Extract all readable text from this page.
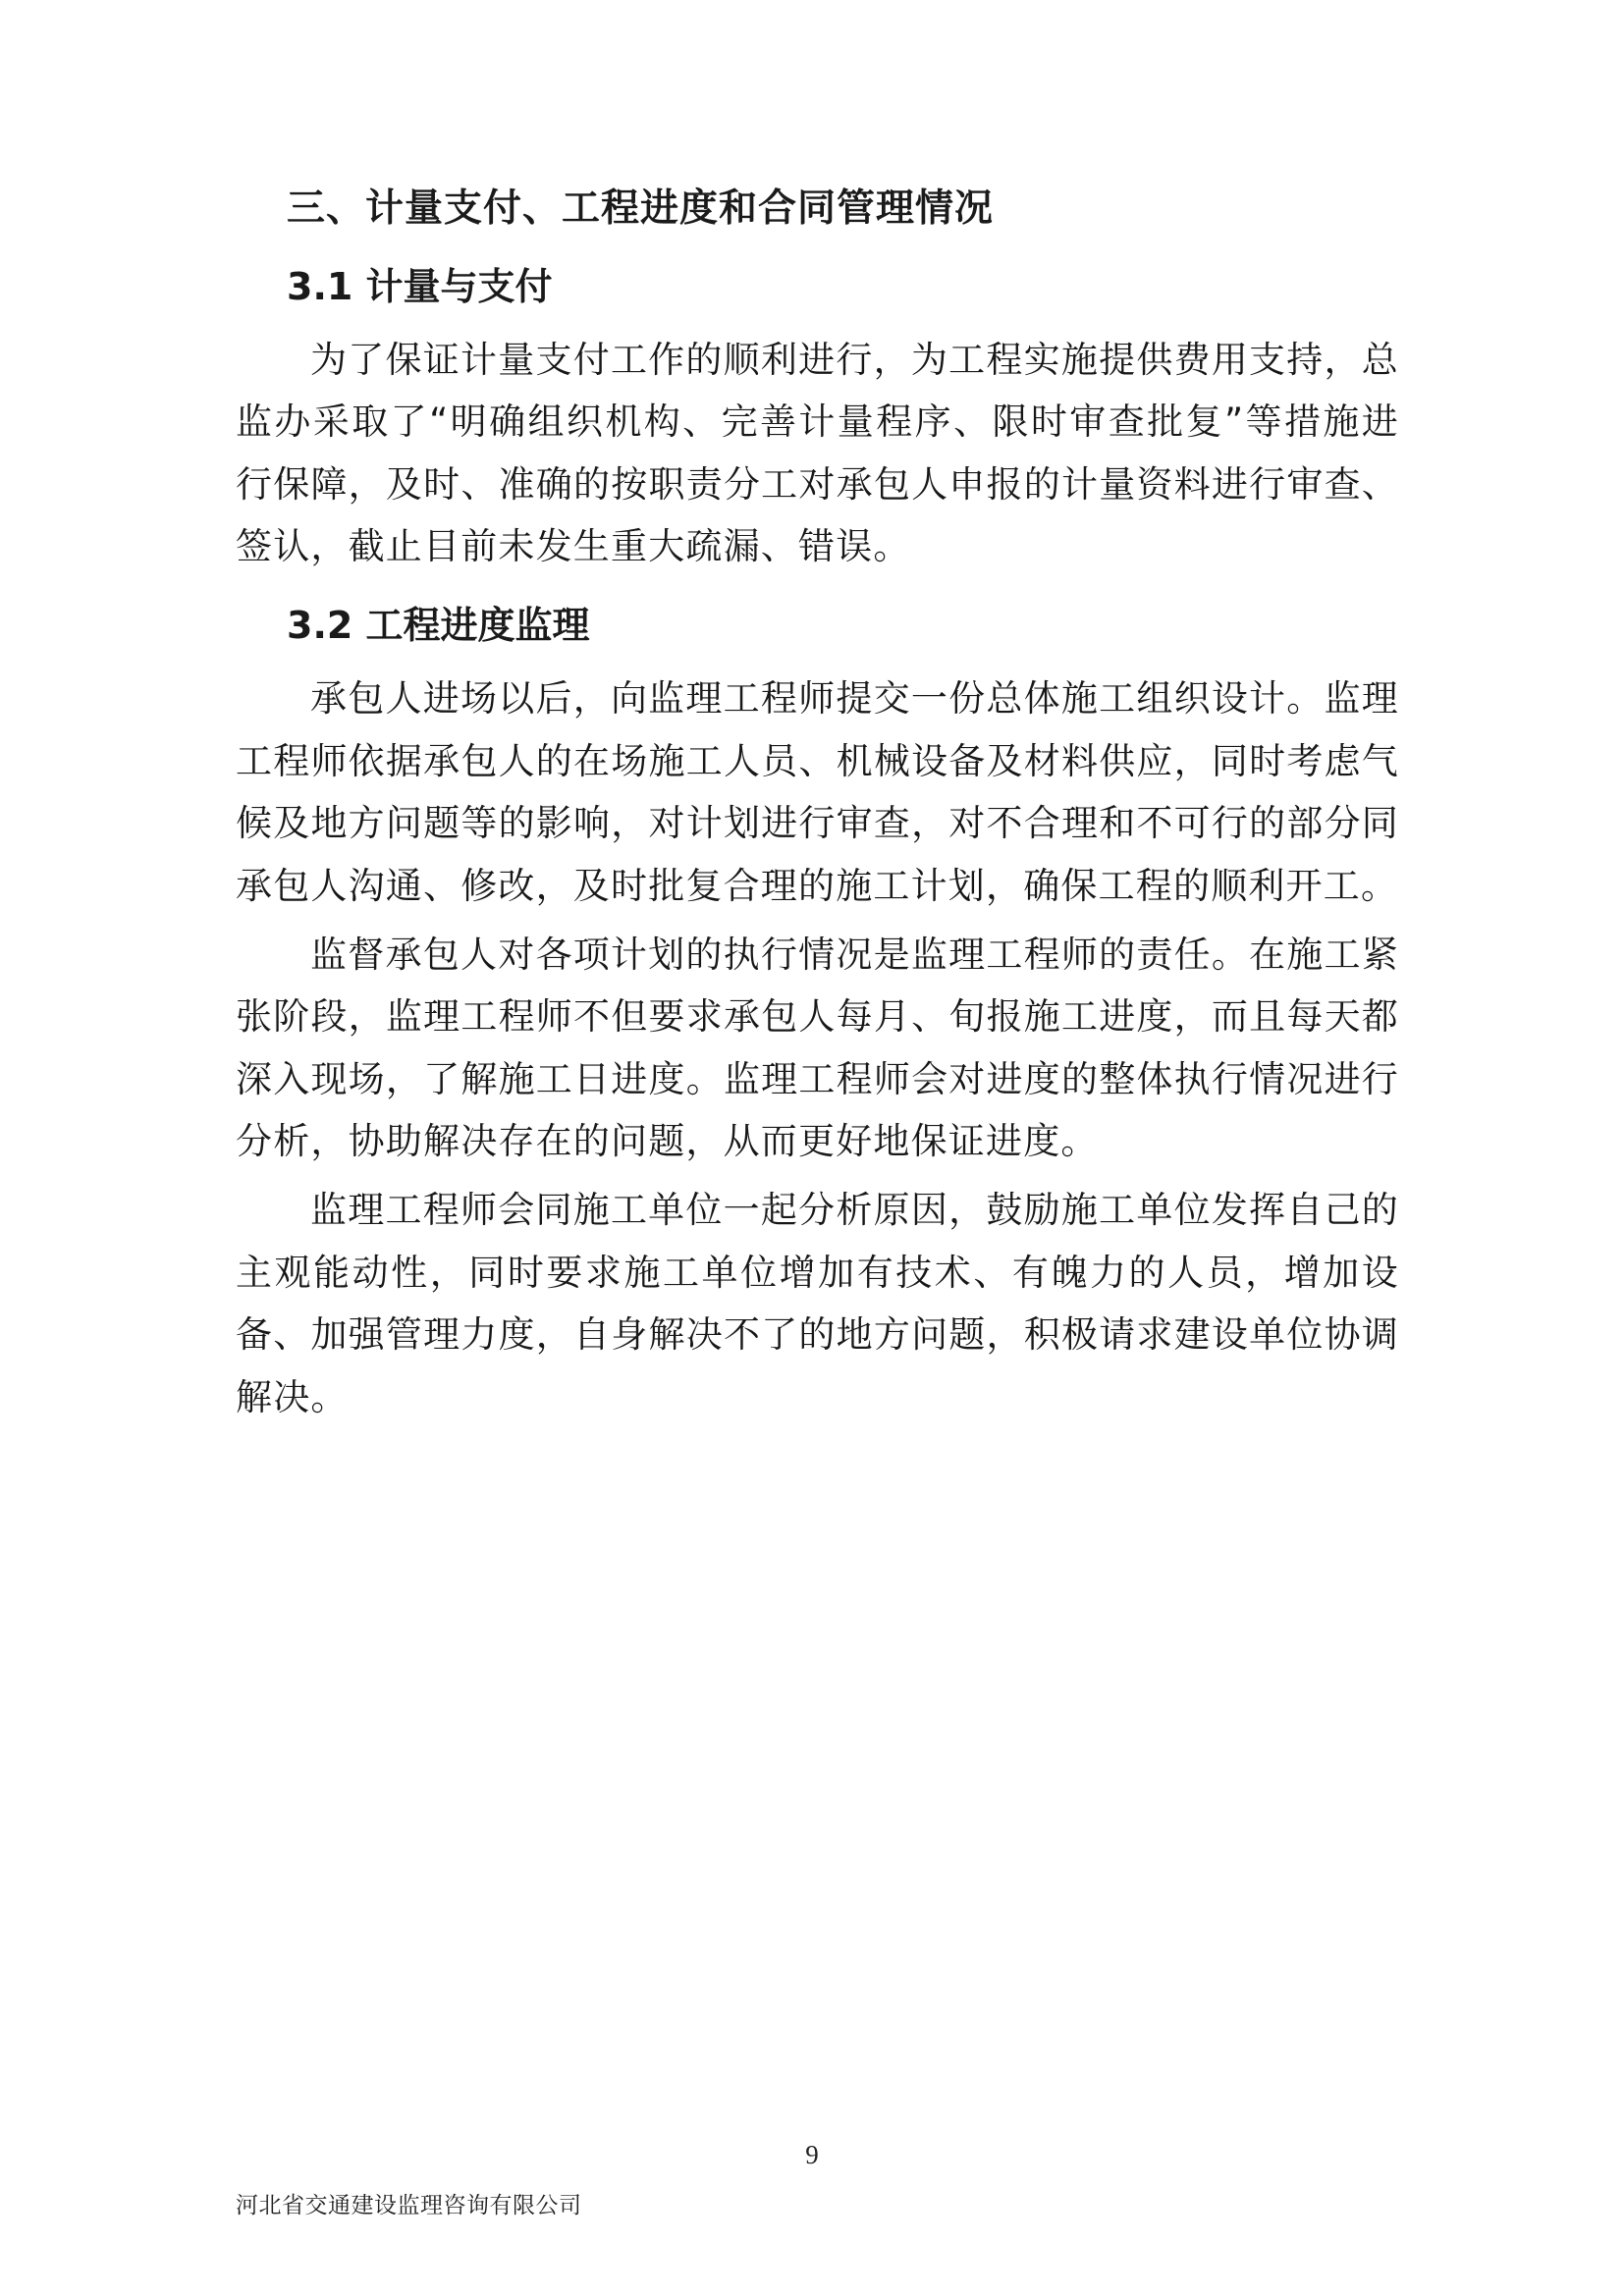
三、计量支付、工程进度和合同管理情况
3.1 计量与支付

为了保证计量支付工作的顺利进行，为工程实施提供费用支持，总监办采取了“明确组织机构、完善计量程序、限时审查批复”等措施进行保障，及时、准确的按职责分工对承包人申报的计量资料进行审查、签认，截止目前未发生重大疏漏、错误。

3.2 工程进度监理

承包人进场以后，向监理工程师提交一份总体施工组织设计。监理工程师依据承包人的在场施工人员、机械设备及材料供应，同时考虑气候及地方问题等的影响，对计划进行审查，对不合理和不可行的部分同承包人沟通、修改，及时批复合理的施工计划，确保工程的顺利开工。

监督承包人对各项计划的执行情况是监理工程师的责任。在施工紧张阶段，监理工程师不但要求承包人每月、旬报施工进度，而且每天都深入现场，了解施工日进度。监理工程师会对进度的整体执行情况进行分析，协助解决存在的问题，从而更好地保证进度。

监理工程师会同施工单位一起分析原因，鼓励施工单位发挥自己的主观能动性，同时要求施工单位增加有技术、有魄力的人员，增加设备、加强管理力度，自身解决不了的地方问题，积极请求建设单位协调解决。

9
河北省交通建设监理咨询有限公司
